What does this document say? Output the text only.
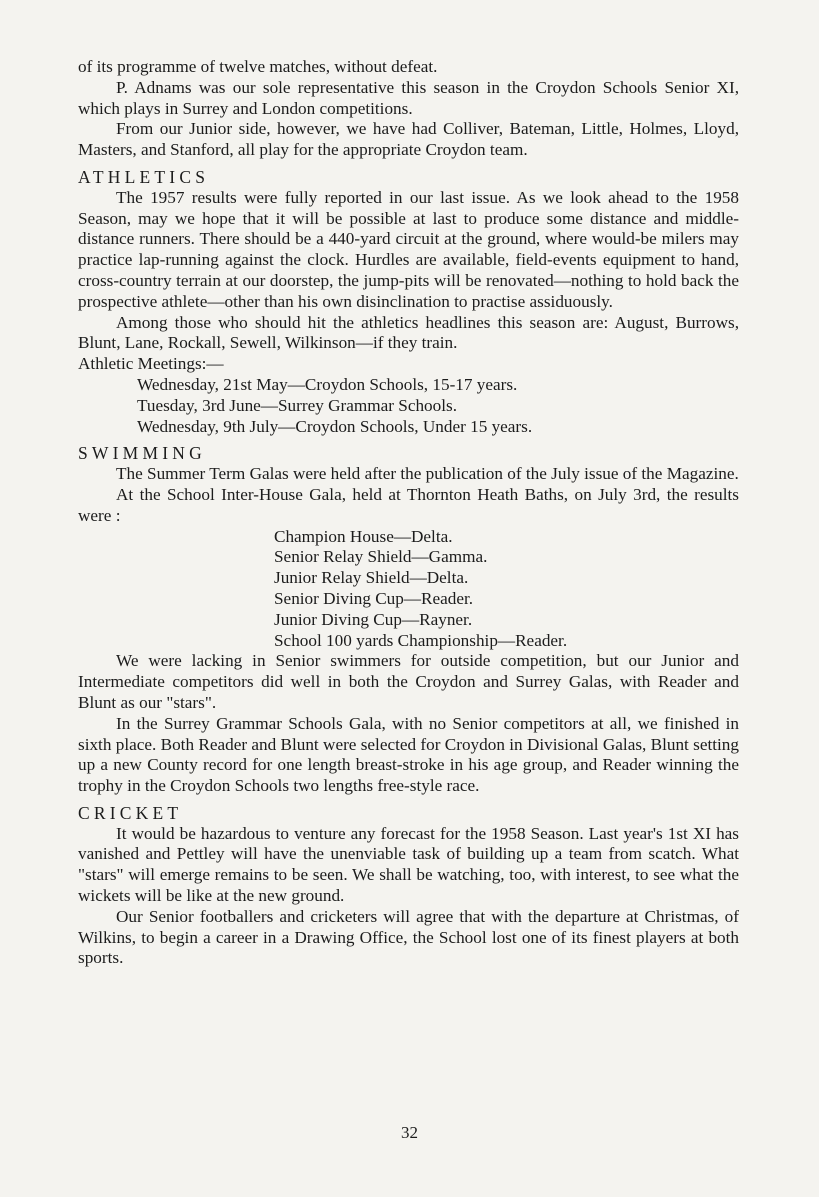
of its programme of twelve matches, without defeat.

P. Adnams was our sole representative this season in the Croydon Schools Senior XI, which plays in Surrey and London competitions.

From our Junior side, however, we have had Colliver, Bateman, Little, Holmes, Lloyd, Masters, and Stanford, all play for the appropriate Croydon team.

ATHLETICS

The 1957 results were fully reported in our last issue. As we look ahead to the 1958 Season, may we hope that it will be possible at last to produce some distance and middle-distance runners. There should be a 440-yard circuit at the ground, where would-be milers may practice lap-running against the clock. Hurdles are available, field-events equipment to hand, cross-country terrain at our doorstep, the jump-pits will be renovated—nothing to hold back the prospective athlete—other than his own disinclination to practise assiduously.

Among those who should hit the athletics headlines this season are: August, Burrows, Blunt, Lane, Rockall, Sewell, Wilkinson—if they train.

Athletic Meetings:—

Wednesday, 21st May—Croydon Schools, 15-17 years.
Tuesday, 3rd June—Surrey Grammar Schools.
Wednesday, 9th July—Croydon Schools, Under 15 years.
SWIMMING

The Summer Term Galas were held after the publication of the July issue of the Magazine.

At the School Inter-House Gala, held at Thornton Heath Baths, on July 3rd, the results were :

Champion House—Delta.
Senior Relay Shield—Gamma.
Junior Relay Shield—Delta.
Senior Diving Cup—Reader.
Junior Diving Cup—Rayner.
School 100 yards Championship—Reader.

We were lacking in Senior swimmers for outside competition, but our Junior and Intermediate competitors did well in both the Croydon and Surrey Galas, with Reader and Blunt as our "stars".

In the Surrey Grammar Schools Gala, with no Senior competitors at all, we finished in sixth place. Both Reader and Blunt were selected for Croydon in Divisional Galas, Blunt setting up a new County record for one length breast-stroke in his age group, and Reader winning the trophy in the Croydon Schools two lengths free-style race.

CRICKET

It would be hazardous to venture any forecast for the 1958 Season. Last year's 1st XI has vanished and Pettley will have the unenviable task of building up a team from scatch. What "stars" will emerge remains to be seen. We shall be watching, too, with interest, to see what the wickets will be like at the new ground.

Our Senior footballers and cricketers will agree that with the departure at Christmas, of Wilkins, to begin a career in a Drawing Office, the School lost one of its finest players at both sports.

32
